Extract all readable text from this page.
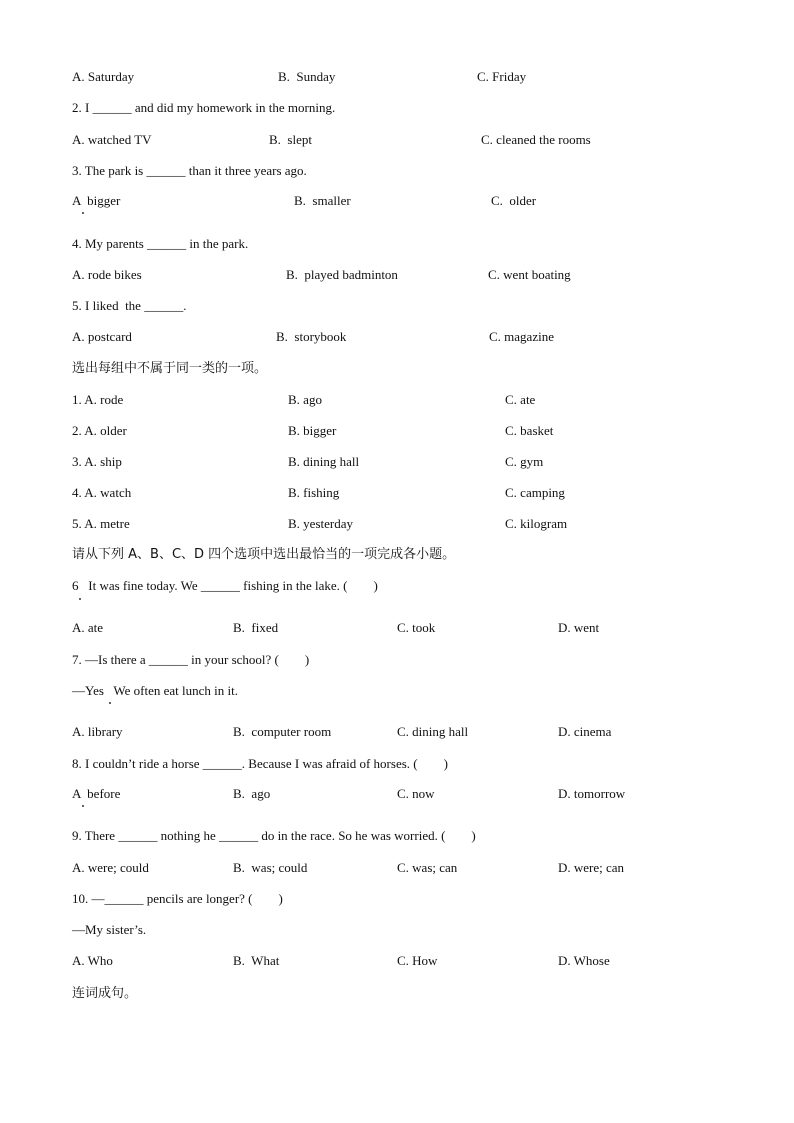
A. Saturday	B.  Sunday	C. Friday
2. I ______ and did my homework in the morning.
A. watched TV	B.  slept	C. cleaned the rooms
3. The park is ______ than it three years ago.
A  bigger	B.  smaller	C.  older
4. My parents ______ in the park.
A. rode bikes	B.  played badminton	C. went boating
5. I liked  the ______.
A. postcard	B.  storybook	C. magazine
选出每组中不属于同一类的一项。
1. A. rode	B. ago	C. ate
2. A. older	B. bigger	C. basket
3. A. ship	B. dining hall	C. gym
4. A. watch	B. fishing	C. camping
5. A. metre	B. yesterday	C. kilogram
请从下列 A、B、C、D 四个选项中选出最恰当的一项完成各小题。
6   It was fine today. We ______ fishing in the lake. (        )
A. ate	B.  fixed	C. took	D. went
7. —Is there a ______ in your school? (        )
—Yes   We often eat lunch in it.
A. library	B.  computer room	C. dining hall	D. cinema
8. I couldn’t ride a horse ______. Because I was afraid of horses. (        )
A  before	B.  ago	C. now	D. tomorrow
9. There ______ nothing he ______ do in the race. So he was worried. (        )
A. were; could	B.  was; could	C. was; can	D. were; can
10. —______ pencils are longer? (        )
—My sister’s.
A. Who	B.  What	C. How	D. Whose
连词成句。
